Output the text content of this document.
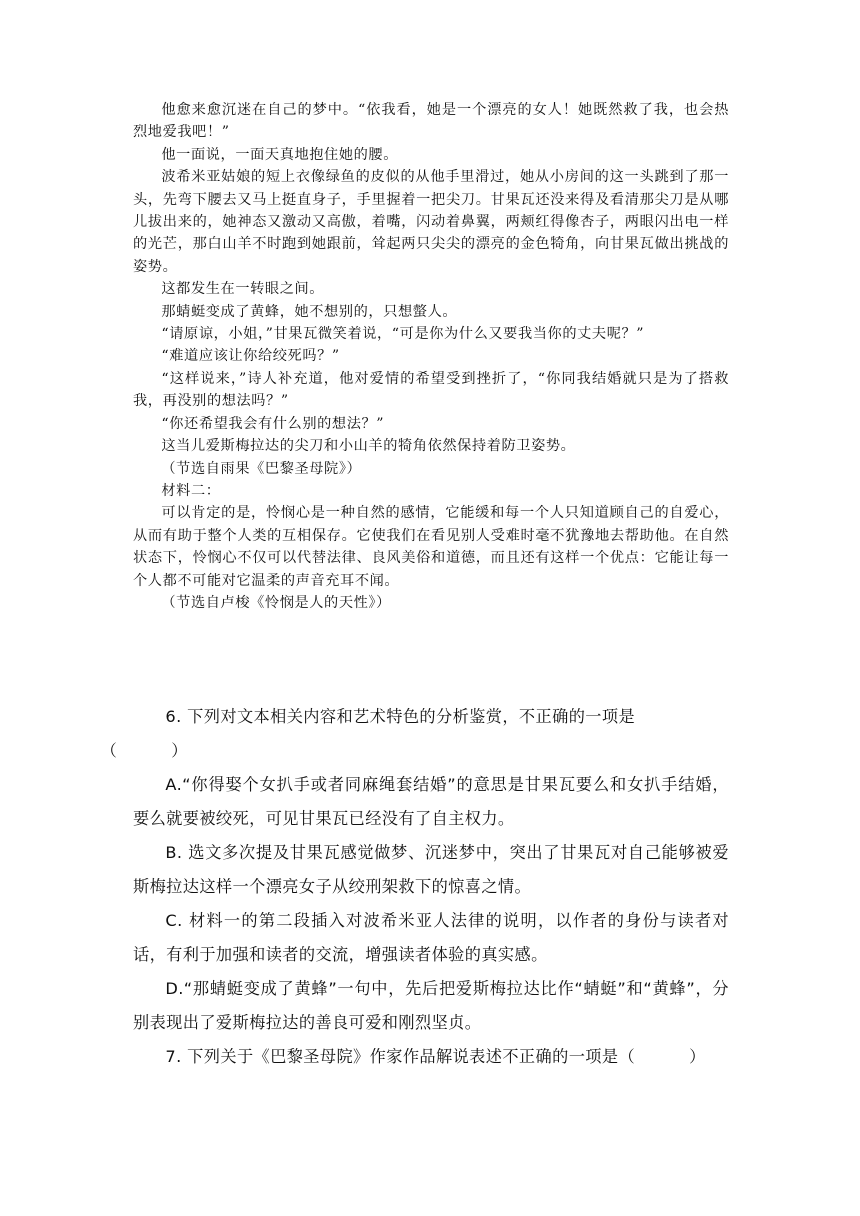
他愈来愈沉迷在自己的梦中。“依我看，她是一个漂亮的女人！她既然救了我，也会热烈地爱我吧！”

他一面说，一面天真地抱住她的腰。

波希米亚姑娘的短上衣像绿鱼的皮似的从他手里滑过，她从小房间的这一头跳到了那一头，先弯下腰去又马上挺直身子，手里握着一把尖刀。甘果瓦还没来得及看清那尖刀是从哪儿拔出来的，她神态又激动又高傲，着嘴，闪动着鼻翼，两颊红得像杏子，两眼闪出电一样的光芒，那白山羊不时跑到她跟前，耸起两只尖尖的漂亮的金色犄角，向甘果瓦做出挑战的姿势。

这都发生在一转眼之间。

那蜻蜓变成了黄蜂，她不想别的，只想螫人。

“请原谅，小姐，”甘果瓦微笑着说，“可是你为什么又要我当你的丈夫呢？”

“难道应该让你给绞死吗？”

“这样说来，”诗人补充道，他对爱情的希望受到挫折了，“你同我结婚就只是为了搭救我，再没别的想法吗？”

“你还希望我会有什么别的想法？”

这当儿爱斯梅拉达的尖刀和小山羊的犄角依然保持着防卫姿势。

（节选自雨果《巴黎圣母院》）

材料二：

可以肯定的是，怜悯心是一种自然的感情，它能缓和每一个人只知道顾自己的自爱心，从而有助于整个人类的互相保存。它使我们在看见别人受难时毫不犹豫地去帮助他。在自然状态下，怜悯心不仅可以代替法律、良风美俗和道德，而且还有这样一个优点：它能让每一个人都不可能对它温柔的声音充耳不闻。

（节选自卢梭《怜悯是人的天性》）

6. 下列对文本相关内容和艺术特色的分析鉴赏，不正确的一项是
（	）

A.“你得娶个女扒手或者同麻绳套结婚”的意思是甘果瓦要么和女扒手结婚，要么就要被绞死，可见甘果瓦已经没有了自主权力。

B. 选文多次提及甘果瓦感觉做梦、沉迷梦中，突出了甘果瓦对自己能够被爱斯梅拉达这样一个漂亮女子从绞刑架救下的惊喜之情。

C. 材料一的第二段插入对波希米亚人法律的说明，以作者的身份与读者对话，有利于加强和读者的交流，增强读者体验的真实感。

D.“那蜻蜓变成了黄蜂”一句中，先后把爱斯梅拉达比作“蜻蜓”和“黄蜂”，分别表现出了爱斯梅拉达的善良可爱和刚烈坚贞。

7. 下列关于《巴黎圣母院》作家作品解说表述不正确的一项是（	）
